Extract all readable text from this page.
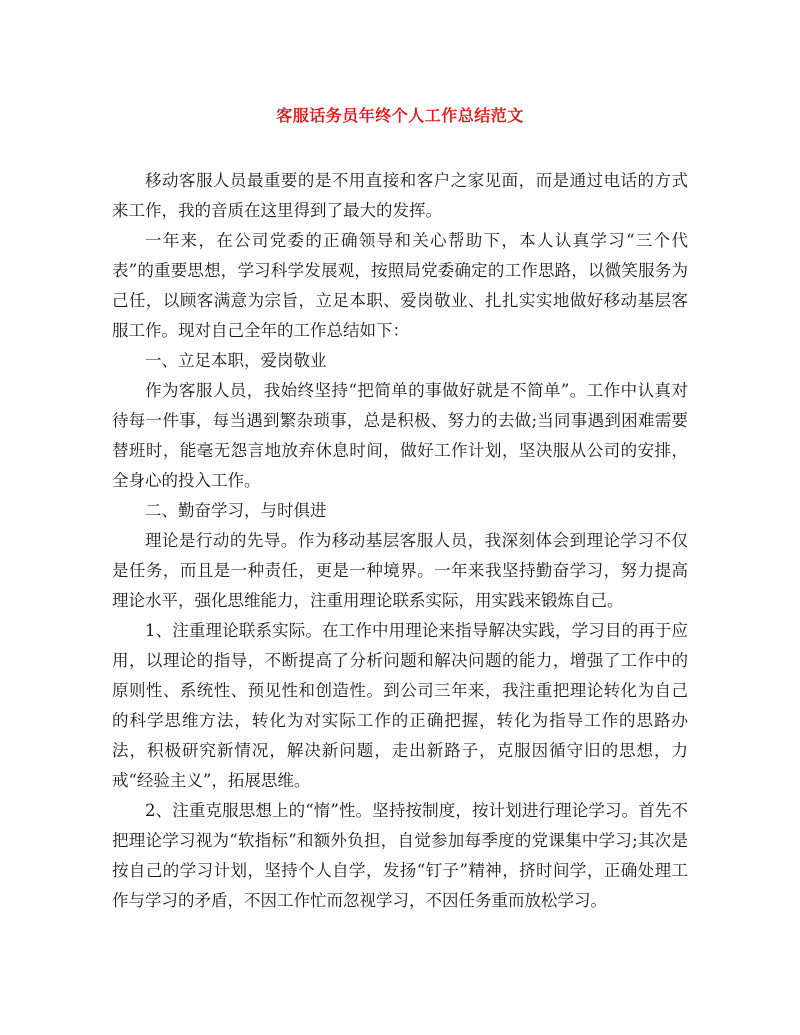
客服话务员年终个人工作总结范文

移动客服人员最重要的是不用直接和客户之家见面，而是通过电话的方式来工作，我的音质在这里得到了最大的发挥。

一年来，在公司党委的正确领导和关心帮助下，本人认真学习“三个代表”的重要思想，学习科学发展观，按照局党委确定的工作思路，以微笑服务为己任，以顾客满意为宗旨，立足本职、爱岗敬业、扎扎实实地做好移动基层客服工作。现对自己全年的工作总结如下：

一、立足本职，爱岗敬业

作为客服人员，我始终坚持“把简单的事做好就是不简单”。工作中认真对待每一件事，每当遇到繁杂琐事，总是积极、努力的去做;当同事遇到困难需要替班时，能毫无怨言地放弃休息时间，做好工作计划，坚决服从公司的安排，全身心的投入工作。

二、勤奋学习，与时俱进

理论是行动的先导。作为移动基层客服人员，我深刻体会到理论学习不仅是任务，而且是一种责任，更是一种境界。一年来我坚持勤奋学习，努力提高理论水平，强化思维能力，注重用理论联系实际，用实践来锻炼自己。

1、注重理论联系实际。在工作中用理论来指导解决实践，学习目的再于应用，以理论的指导，不断提高了分析问题和解决问题的能力，增强了工作中的原则性、系统性、预见性和创造性。到公司三年来，我注重把理论转化为自己的科学思维方法，转化为对实际工作的正确把握，转化为指导工作的思路办法，积极研究新情况，解决新问题，走出新路子，克服因循守旧的思想，力戒“经验主义”，拓展思维。

2、注重克服思想上的“惰”性。坚持按制度，按计划进行理论学习。首先不把理论学习视为“软指标”和额外负担，自觉参加每季度的党课集中学习;其次是按自己的学习计划，坚持个人自学，发扬“钉子”精神，挤时间学，正确处理工作与学习的矛盾，不因工作忙而忽视学习，不因任务重而放松学习。
